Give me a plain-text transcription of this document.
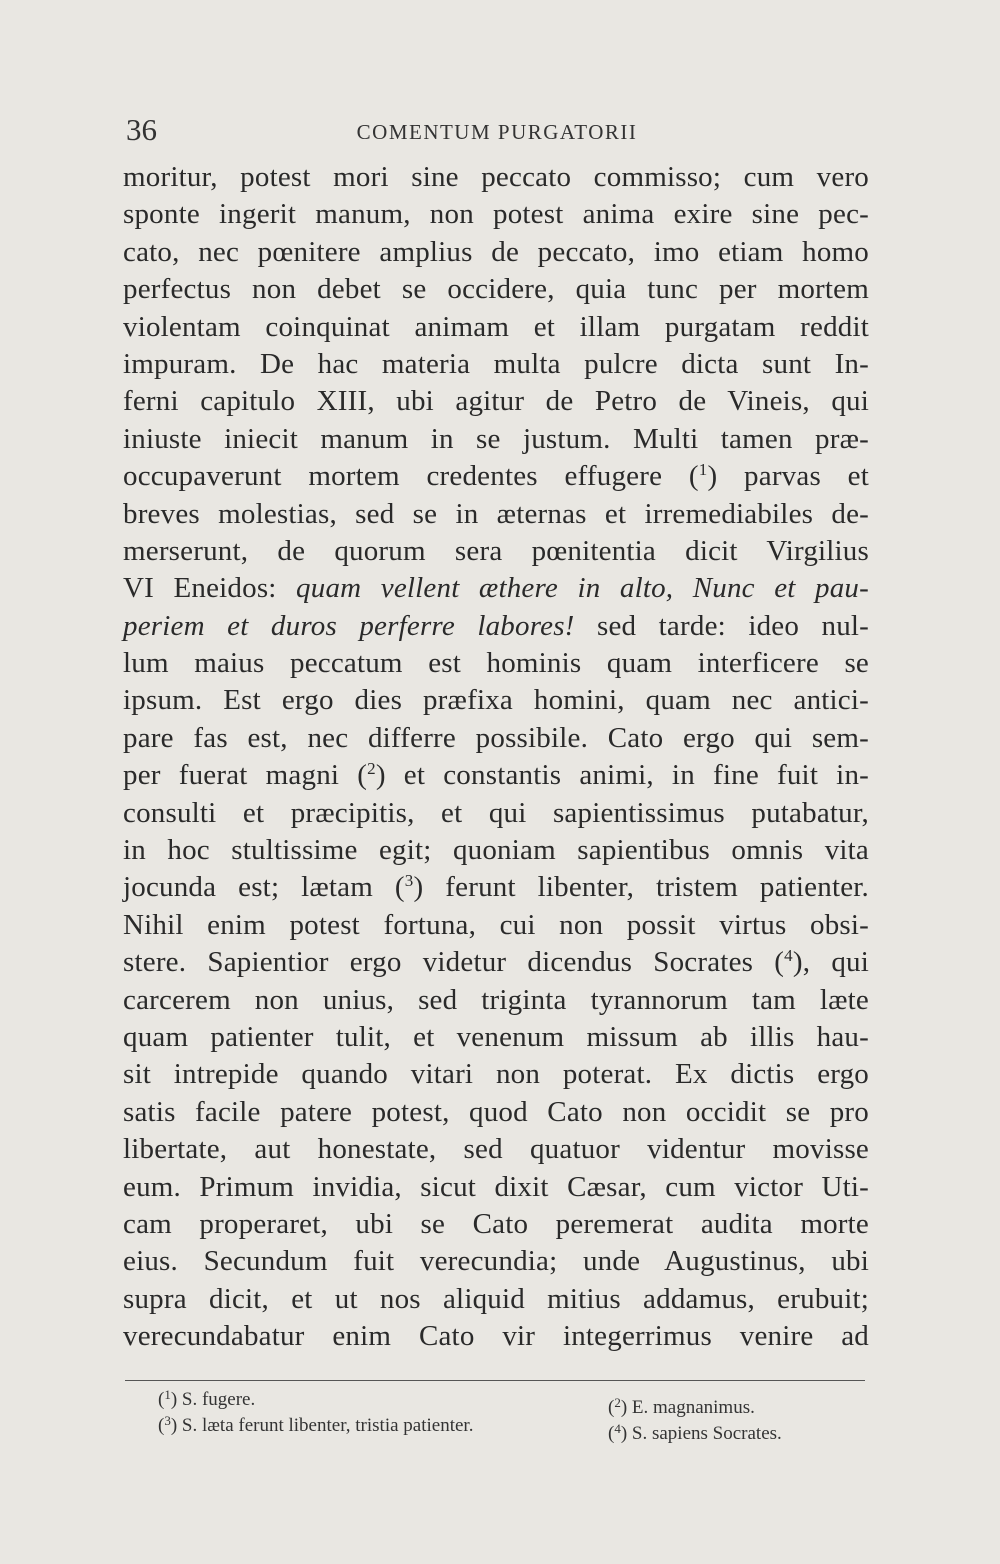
36	COMENTUM PURGATORII
moritur, potest mori sine peccato commisso; cum vero
sponte ingerit manum, non potest anima exire sine pec-
cato, nec pœnitere amplius de peccato, imo etiam homo
perfectus non debet se occidere, quia tunc per mortem
violentam coinquinat animam et illam purgatam reddit
impuram. De hac materia multa pulcre dicta sunt In-
ferni capitulo XIII, ubi agitur de Petro de Vineis, qui
iniuste iniecit manum in se justum. Multi tamen præ-
occupaverunt mortem credentes effugere ($^1$) parvas et
breves molestias, sed se in æternas et irremediabiles de-
merserunt, de quorum sera pœnitentia dicit Virgilius
VI Eneidos: quam vellent æthere in alto, Nunc et pau-
periem et duros perferre labores! sed tarde: ideo nul-
lum maius peccatum est hominis quam interficere se
ipsum. Est ergo dies præfixa homini, quam nec antici-
pare fas est, nec differre possibile. Cato ergo qui sem-
per fuerat magni ($^2$) et constantis animi, in fine fuit in-
consulti et præcipitis, et qui sapientissimus putabatur,
in hoc stultissime egit; quoniam sapientibus omnis vita
jocunda est; lætam ($^3$) ferunt libenter, tristem patienter.
Nihil enim potest fortuna, cui non possit virtus obsi-
stere. Sapientior ergo videtur dicendus Socrates ($^4$), qui
carcerem non unius, sed triginta tyrannorum tam læte
quam patienter tulit, et venenum missum ab illis hau-
sit intrepide quando vitari non poterat. Ex dictis ergo
satis facile patere potest, quod Cato non occidit se pro
libertate, aut honestate, sed quatuor videntur movisse
eum. Primum invidia, sicut dixit Cæsar, cum victor Uti-
cam properaret, ubi se Cato peremerat audita morte
eius. Secundum fuit verecundia; unde Augustinus, ubi
supra dicit, et ut nos aliquid mitius addamus, erubuit;
verecundabatur enim Cato vir integerrimus venire ad
($^1$) S. fugere.	($^2$) E. magnanimus.
($^3$) S. læta ferunt libenter, tristia patienter.	($^4$) S. sapiens Socrates.
